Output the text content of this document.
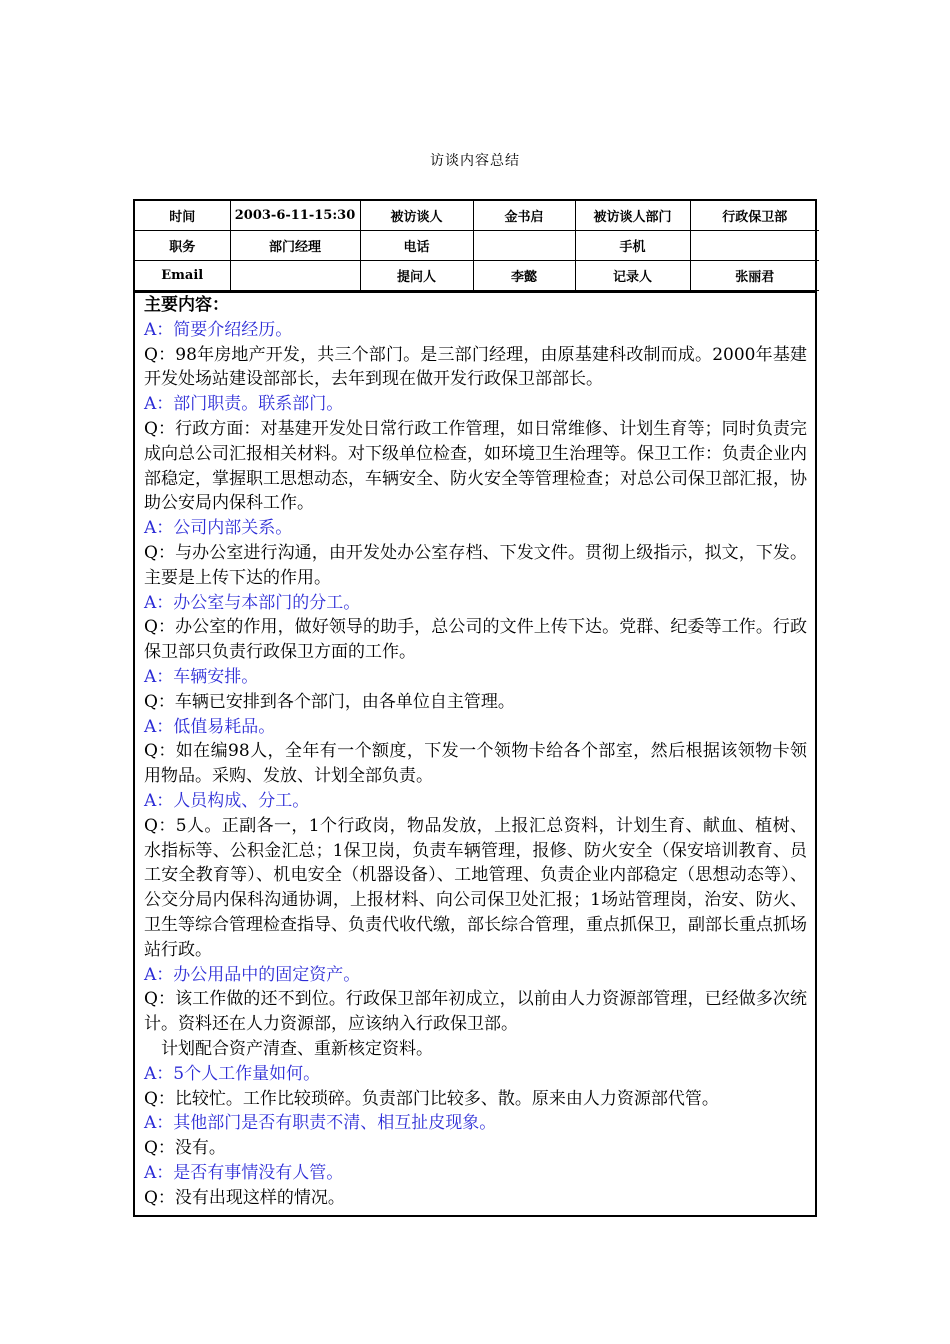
访谈内容总结
时间	2003-6-11-15:30	被访谈人	金书启	被访谈人部门	行政保卫部
职务	部门经理	电话		手机	
Email		提问人	李懿	记录人	张丽君

主要内容：

A：简要介绍经历。

Q：98年房地产开发，共三个部门。是三部门经理，由原基建科改制而成。2000年基建开发处场站建设部部长，去年到现在做开发行政保卫部部长。

A：部门职责。联系部门。

Q：行政方面：对基建开发处日常行政工作管理，如日常维修、计划生育等；同时负责完成向总公司汇报相关材料。对下级单位检查，如环境卫生治理等。保卫工作：负责企业内部稳定，掌握职工思想动态，车辆安全、防火安全等管理检查；对总公司保卫部汇报，协助公安局内保科工作。

A：公司内部关系。

Q：与办公室进行沟通，由开发处办公室存档、下发文件。贯彻上级指示，拟文，下发。主要是上传下达的作用。

A：办公室与本部门的分工。

Q：办公室的作用，做好领导的助手，总公司的文件上传下达。党群、纪委等工作。行政保卫部只负责行政保卫方面的工作。

A：车辆安排。

Q：车辆已安排到各个部门，由各单位自主管理。

A：低值易耗品。

Q：如在编98人，全年有一个额度，下发一个领物卡给各个部室，然后根据该领物卡领用物品。采购、发放、计划全部负责。

A：人员构成、分工。

Q：5人。正副各一，1个行政岗，物品发放，上报汇总资料，计划生育、献血、植树、水指标等、公积金汇总；1保卫岗，负责车辆管理，报修、防火安全（保安培训教育、员工安全教育等）、机电安全（机器设备）、工地管理、负责企业内部稳定（思想动态等）、公交分局内保科沟通协调，上报材料、向公司保卫处汇报；1场站管理岗，治安、防火、卫生等综合管理检查指导、负责代收代缴，部长综合管理，重点抓保卫，副部长重点抓场站行政。

A：办公用品中的固定资产。

Q：该工作做的还不到位。行政保卫部年初成立，以前由人力资源部管理，已经做多次统计。资料还在人力资源部，应该纳入行政保卫部。

计划配合资产清查、重新核定资料。

A：5个人工作量如何。

Q：比较忙。工作比较琐碎。负责部门比较多、散。原来由人力资源部代管。

A：其他部门是否有职责不清、相互扯皮现象。

Q：没有。

A：是否有事情没有人管。

Q：没有出现这样的情况。
